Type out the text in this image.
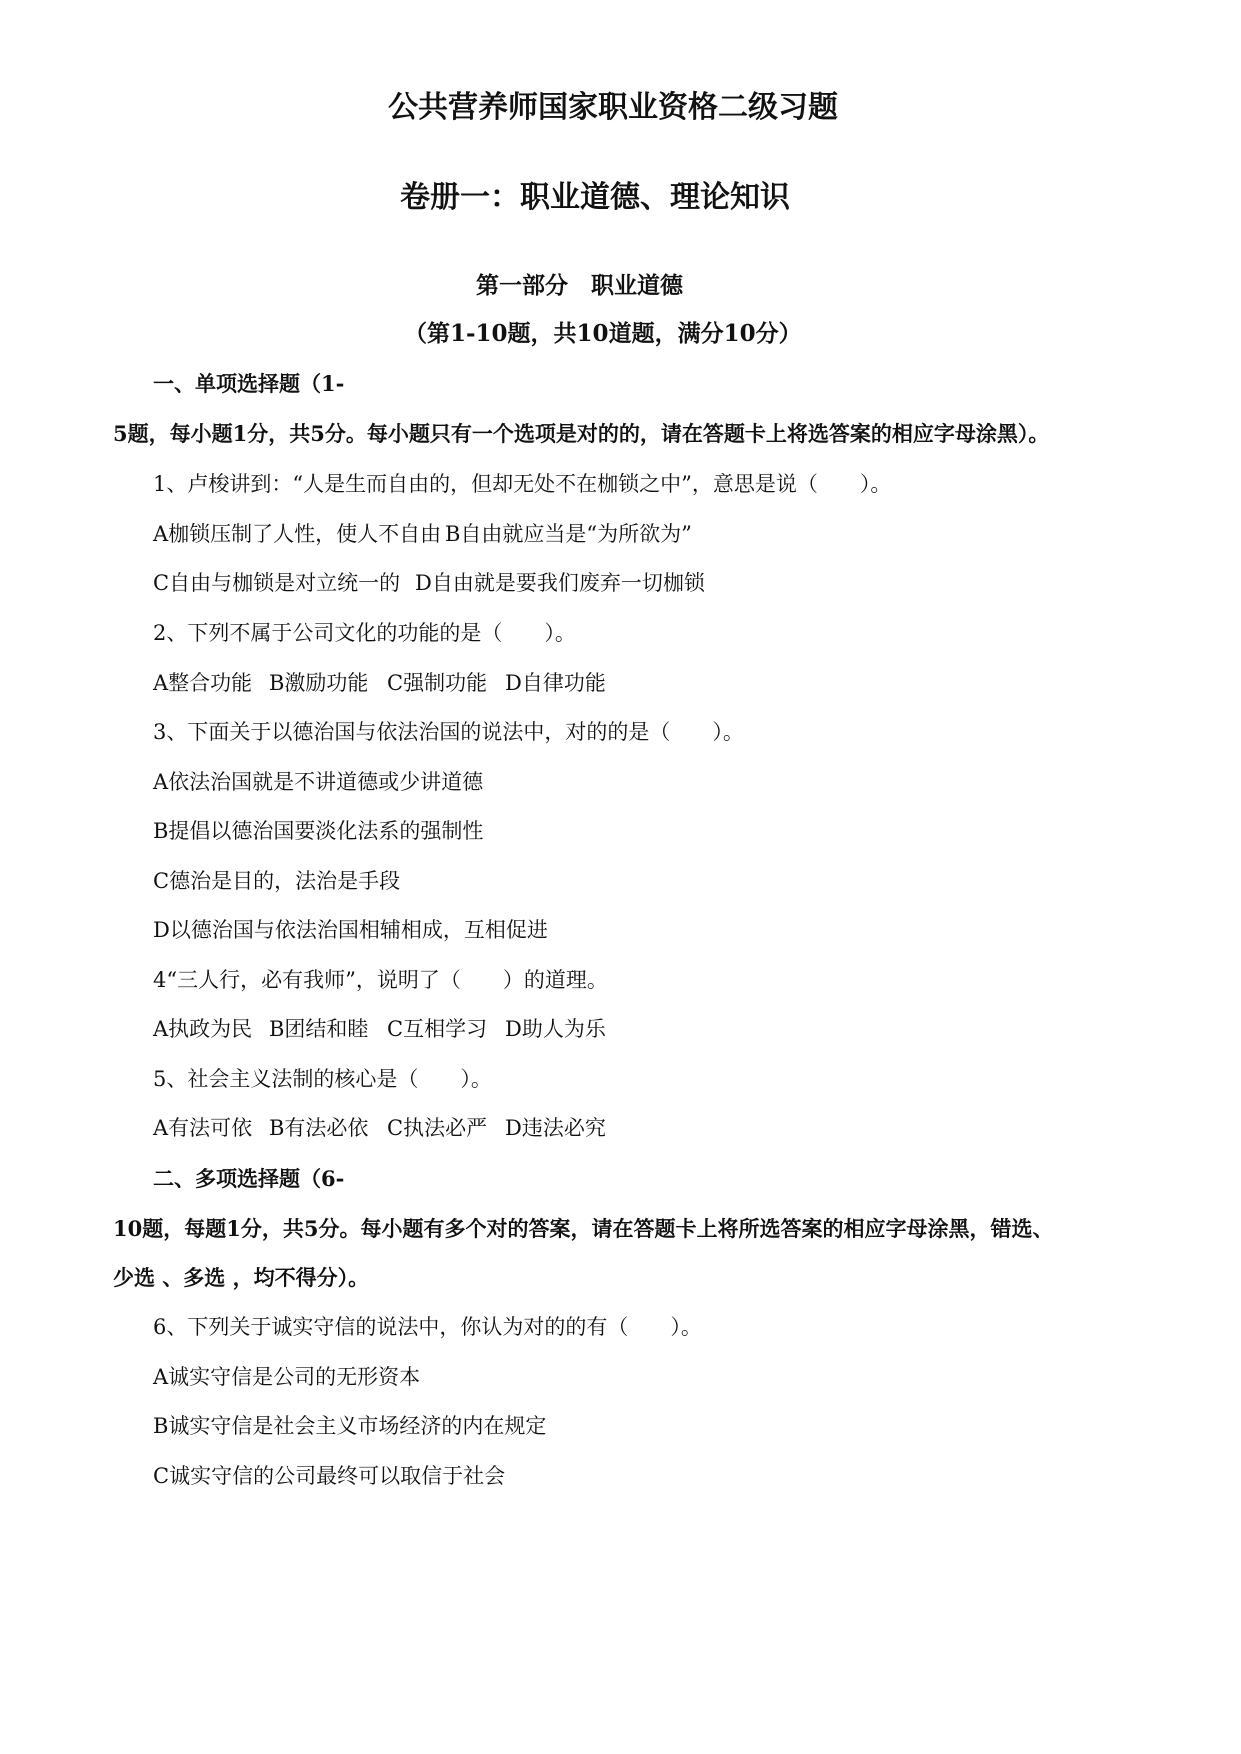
公共营养师国家职业资格二级习题
卷册一：职业道德、理论知识
第一部分　职业道德
（第1-10题，共10道题，满分10分）
一、单项选择题（1-
5题，每小题1分，共5分。每小题只有一个选项是对的的，请在答题卡上将选答案的相应字母涂黑）。
1、卢梭讲到：“人是生而自由的，但却无处不在枷锁之中”，意思是说（　　）。
A枷锁压制了人性，使人不自由 B自由就应当是“为所欲为”
C自由与枷锁是对立统一的 D自由就是要我们废弃一切枷锁
2、下列不属于公司文化的功能的是（　　）。
A整合功能 B激励功能 C强制功能 D自律功能
3、下面关于以德治国与依法治国的说法中，对的的是（　　）。
A依法治国就是不讲道德或少讲道德
B提倡以德治国要淡化法系的强制性
C德治是目的，法治是手段
D以德治国与依法治国相辅相成，互相促进
4“三人行，必有我师”，说明了（　　）的道理。
A执政为民 B团结和睦 C互相学习 D助人为乐
5、社会主义法制的核心是（　　）。
A有法可依 B有法必依 C执法必严 D违法必究
二、多项选择题（6-
10题，每题1分，共5分。每小题有多个对的答案，请在答题卡上将所选答案的相应字母涂黑，错选、
少选 、多选 ，均不得分）。
6、下列关于诚实守信的说法中，你认为对的的有（　　）。
A诚实守信是公司的无形资本
B诚实守信是社会主义市场经济的内在规定
C诚实守信的公司最终可以取信于社会
